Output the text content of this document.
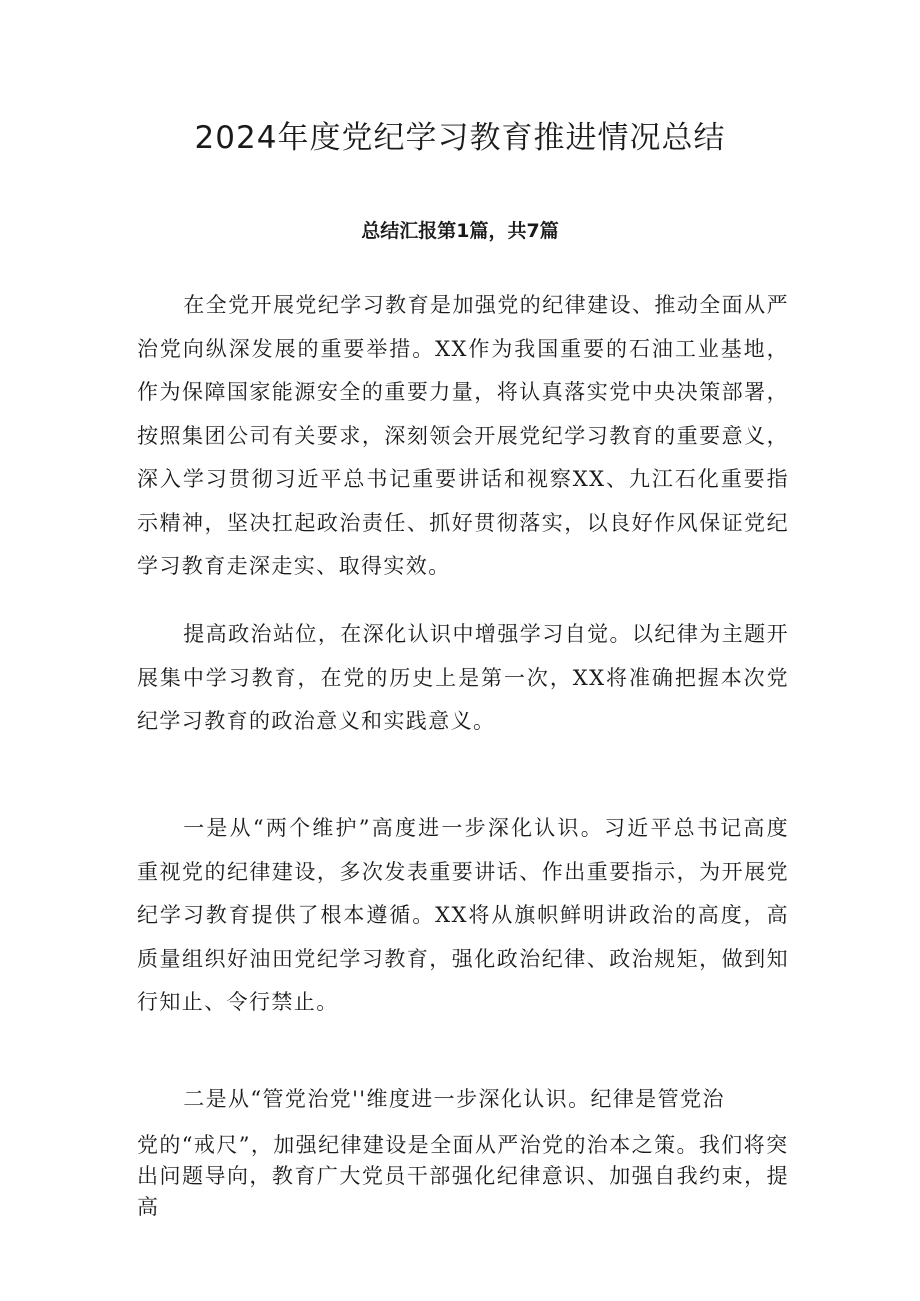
2024年度党纪学习教育推进情况总结
总结汇报第1篇，共7篇

在全党开展党纪学习教育是加强党的纪律建设、推动全面从严治党向纵深发展的重要举措。XX作为我国重要的石油工业基地，作为保障国家能源安全的重要力量，将认真落实党中央决策部署，按照集团公司有关要求，深刻领会开展党纪学习教育的重要意义，深入学习贯彻习近平总书记重要讲话和视察XX、九江石化重要指示精神，坚决扛起政治责任、抓好贯彻落实，以良好作风保证党纪学习教育走深走实、取得实效。

提高政治站位，在深化认识中增强学习自觉。以纪律为主题开展集中学习教育，在党的历史上是第一次，XX将准确把握本次党纪学习教育的政治意义和实践意义。

一是从“两个维护”高度进一步深化认识。习近平总书记高度重视党的纪律建设，多次发表重要讲话、作出重要指示，为开展党纪学习教育提供了根本遵循。XX将从旗帜鲜明讲政治的高度，高质量组织好油田党纪学习教育，强化政治纪律、政治规矩，做到知行知止、令行禁止。

二是从“管党治党''维度进一步深化认识。纪律是管党治

党的“戒尺”，加强纪律建设是全面从严治党的治本之策。我们将突
出问题导向，教育广大党员干部强化纪律意识、加强自我约束，提高
